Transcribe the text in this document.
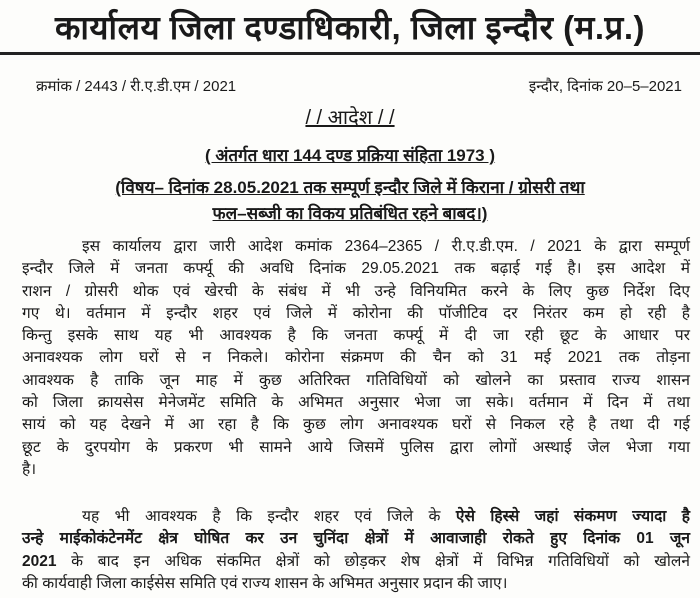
कार्यालय जिला दण्डाधिकारी, जिला इन्दौर (म.प्र.)
क्रमांक / 2443 / री.ए.डी.एम / 2021	इन्दौर, दिनांक 20–5–2021
/ / आदेश / /
( अंतर्गत धारा 144 दण्ड प्रक्रिया संहिता 1973 )
(विषय– दिनांक 28.05.2021 तक सम्पूर्ण इन्दौर जिले में किराना / ग्रोसरी तथा
फल–सब्जी का विकय प्रतिबंधित रहने बाबद।)
इस कार्यालय द्वारा जारी आदेश कमांक 2364–2365 / री.ए.डी.एम. / 2021 के द्वारा सम्पूर्ण
इन्दौर जिले में जनता कर्फ्यू की अवधि दिनांक 29.05.2021 तक बढ़ाई गई है। इस आदेश में
राशन / ग्रोसरी थोक एवं खेरची के संबंध में भी उन्हे विनियमित करने के लिए कुछ निर्देश दिए
गए थे। वर्तमान में इन्दौर शहर एवं जिले में कोरोना की पॉजीटिव दर निरंतर कम हो रही है
किन्तु इसके साथ यह भी आवश्यक है कि जनता कर्फ्यू में दी जा रही छूट के आधार पर
अनावश्यक लोग घरों से न निकले। कोरोना संक्रमण की चैन को 31 मई 2021 तक तोड़ना
आवश्यक है ताकि जून माह में कुछ अतिरिक्त गतिविधियों को खोलने का प्रस्ताव राज्य शासन
को जिला क्रायसेस मेनेजमेंट समिति के अभिमत अनुसार भेजा जा सके। वर्तमान में दिन में तथा
सायं को यह देखने में आ रहा है कि कुछ लोग अनावश्यक घरों से निकल रहे है तथा दी गई
छूट के दुरपयोग के प्रकरण भी सामने आये जिसमें पुलिस द्वारा लोगों अस्थाई जेल भेजा गया
है।
यह भी आवश्यक है कि इन्दौर शहर एवं जिले के ऐसे हिस्से जहां संकमण ज्यादा है
उन्हे माईकोकंटेनमेंट क्षेत्र घोषित कर उन चुनिंदा क्षेत्रों में आवाजाही रोकते हुए दिनांक 01 जून
2021 के बाद इन अधिक संकमित क्षेत्रों को छोड़कर शेष क्षेत्रों में विभिन्न गतिविधियों को खोलने
की कार्यवाही जिला काईसेस समिति एवं राज्य शासन के अभिमत अनुसार प्रदान की जाए।
